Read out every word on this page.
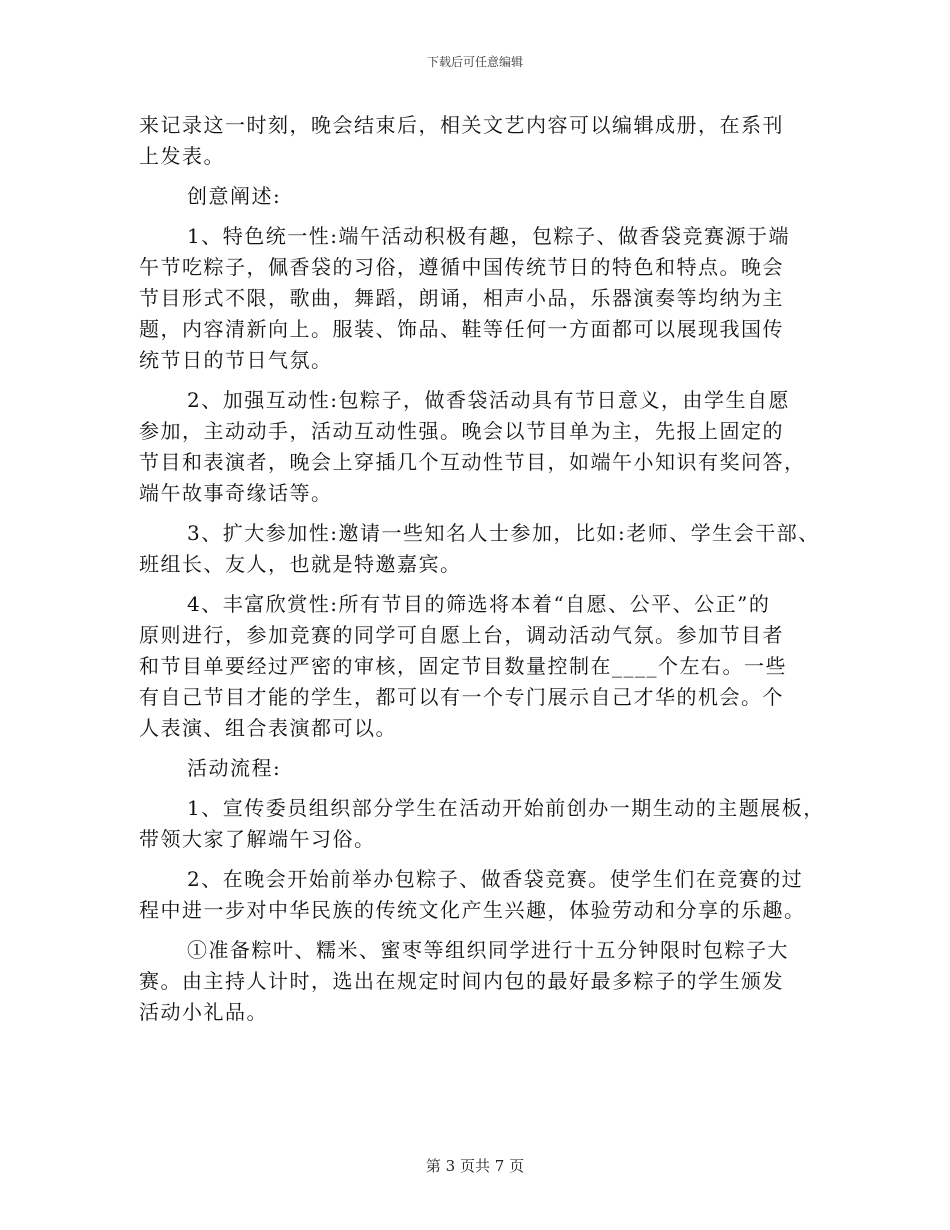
下载后可任意编辑
来记录这一时刻，晚会结束后，相关文艺内容可以编辑成册，在系刊
上发表。
创意阐述:
1、特色统一性:端午活动积极有趣，包粽子、做香袋竞赛源于端
午节吃粽子，佩香袋的习俗，遵循中国传统节日的特色和特点。晚会
节目形式不限，歌曲，舞蹈，朗诵，相声小品，乐器演奏等均纳为主
题，内容清新向上。服装、饰品、鞋等任何一方面都可以展现我国传
统节日的节日气氛。
2、加强互动性:包粽子，做香袋活动具有节日意义，由学生自愿
参加，主动动手，活动互动性强。晚会以节目单为主，先报上固定的
节目和表演者，晚会上穿插几个互动性节目，如端午小知识有奖问答，
端午故事奇缘话等。
3、扩大参加性:邀请一些知名人士参加，比如:老师、学生会干部、
班组长、友人，也就是特邀嘉宾。
4、丰富欣赏性:所有节目的筛选将本着“自愿、公平、公正”的
原则进行，参加竞赛的同学可自愿上台，调动活动气氛。参加节目者
和节目单要经过严密的审核，固定节目数量控制在____个左右。一些
有自己节目才能的学生，都可以有一个专门展示自己才华的机会。个
人表演、组合表演都可以。
活动流程:
1、宣传委员组织部分学生在活动开始前创办一期生动的主题展板，
带领大家了解端午习俗。
2、在晚会开始前举办包粽子、做香袋竞赛。使学生们在竞赛的过
程中进一步对中华民族的传统文化产生兴趣，体验劳动和分享的乐趣。
①准备粽叶、糯米、蜜枣等组织同学进行十五分钟限时包粽子大
赛。由主持人计时，选出在规定时间内包的最好最多粽子的学生颁发
活动小礼品。
第 3 页共 7 页
